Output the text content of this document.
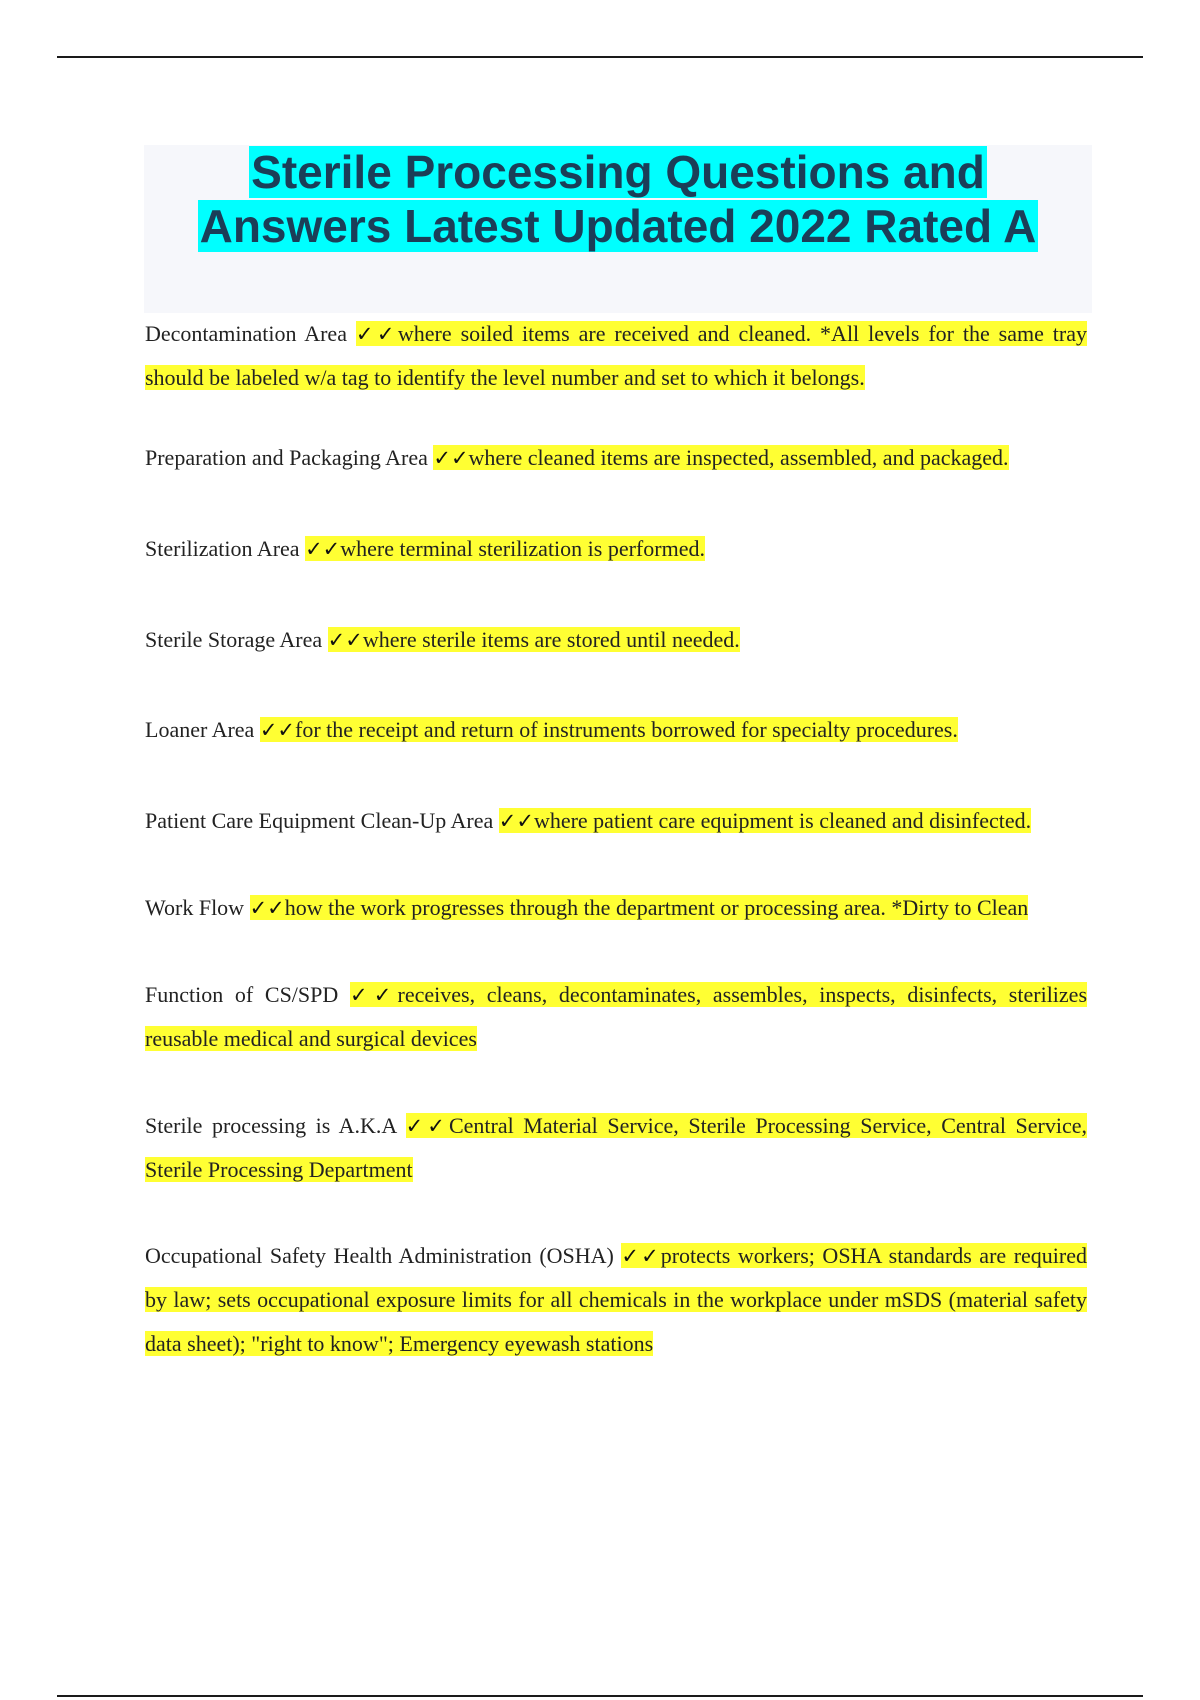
Sterile Processing Questions and
Answers Latest Updated 2022 Rated A

Decontamination Area ✓✓where soiled items are received and cleaned. *All levels for the same tray should be labeled w/a tag to identify the level number and set to which it belongs.

Preparation and Packaging Area ✓✓where cleaned items are inspected, assembled, and packaged.

Sterilization Area ✓✓where terminal sterilization is performed.

Sterile Storage Area ✓✓where sterile items are stored until needed.

Loaner Area ✓✓for the receipt and return of instruments borrowed for specialty procedures.

Patient Care Equipment Clean-Up Area ✓✓where patient care equipment is cleaned and disinfected.

Work Flow ✓✓how the work progresses through the department or processing area. *Dirty to Clean

Function of CS/SPD ✓✓receives, cleans, decontaminates, assembles, inspects, disinfects, sterilizes reusable medical and surgical devices

Sterile processing is A.K.A ✓✓Central Material Service, Sterile Processing Service, Central Service, Sterile Processing Department

Occupational Safety Health Administration (OSHA) ✓✓protects workers; OSHA standards are required by law; sets occupational exposure limits for all chemicals in the workplace under mSDS (material safety data sheet); "right to know"; Emergency eyewash stations
